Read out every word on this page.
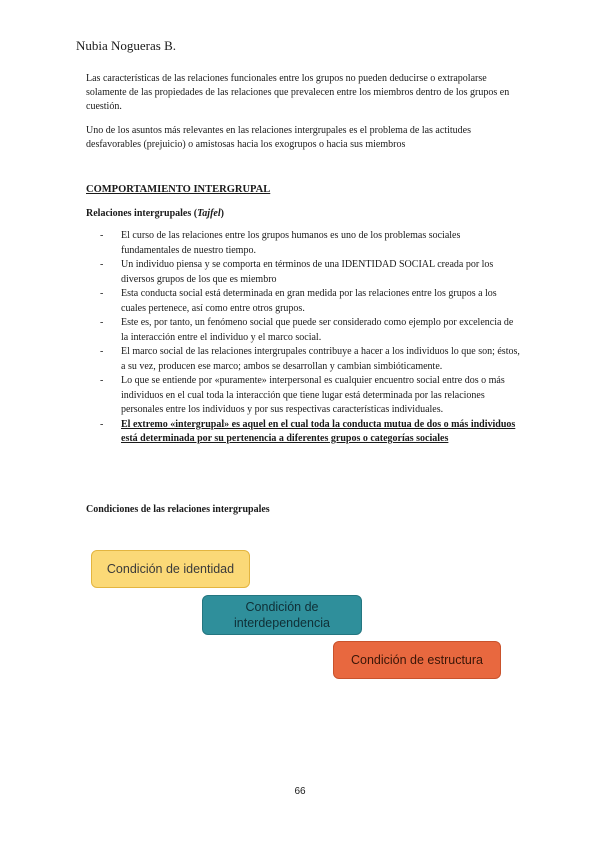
Nubia Nogueras B.

Las características de las relaciones funcionales entre los grupos no pueden deducirse o extrapolarse solamente de las propiedades de las relaciones que prevalecen entre los miembros dentro de los grupos en cuestión.

Uno de los asuntos más relevantes en las relaciones intergrupales es el problema de las actitudes desfavorables (prejuicio) o amistosas hacia los exogrupos o hacia sus miembros

COMPORTAMIENTO INTERGRUPAL
Relaciones intergrupales (Tajfel)
- El curso de las relaciones entre los grupos humanos es uno de los problemas sociales fundamentales de nuestro tiempo.
- Un individuo piensa y se comporta en términos de una IDENTIDAD SOCIAL creada por los diversos grupos de los que es miembro
- Esta conducta social está determinada en gran medida por las relaciones entre los grupos a los cuales pertenece, así como entre otros grupos.
- Este es, por tanto, un fenómeno social que puede ser considerado como ejemplo por excelencia de la interacción entre el individuo y el marco social.
- El marco social de las relaciones intergrupales contribuye a hacer a los individuos lo que son; éstos, a su vez, producen ese marco; ambos se desarrollan y cambian simbióticamente.
- Lo que se entiende por «puramente» interpersonal es cualquier encuentro social entre dos o más individuos en el cual toda la interacción que tiene lugar está determinada por las relaciones personales entre los individuos y por sus respectivas características individuales.
- El extremo «intergrupal» es aquel en el cual toda la conducta mutua de dos o más individuos está determinada por su pertenencia a diferentes grupos o categorías sociales
Condiciones de las relaciones intergrupales
Condición de identidad
Condición de interdependencia
Condición de estructura
66
